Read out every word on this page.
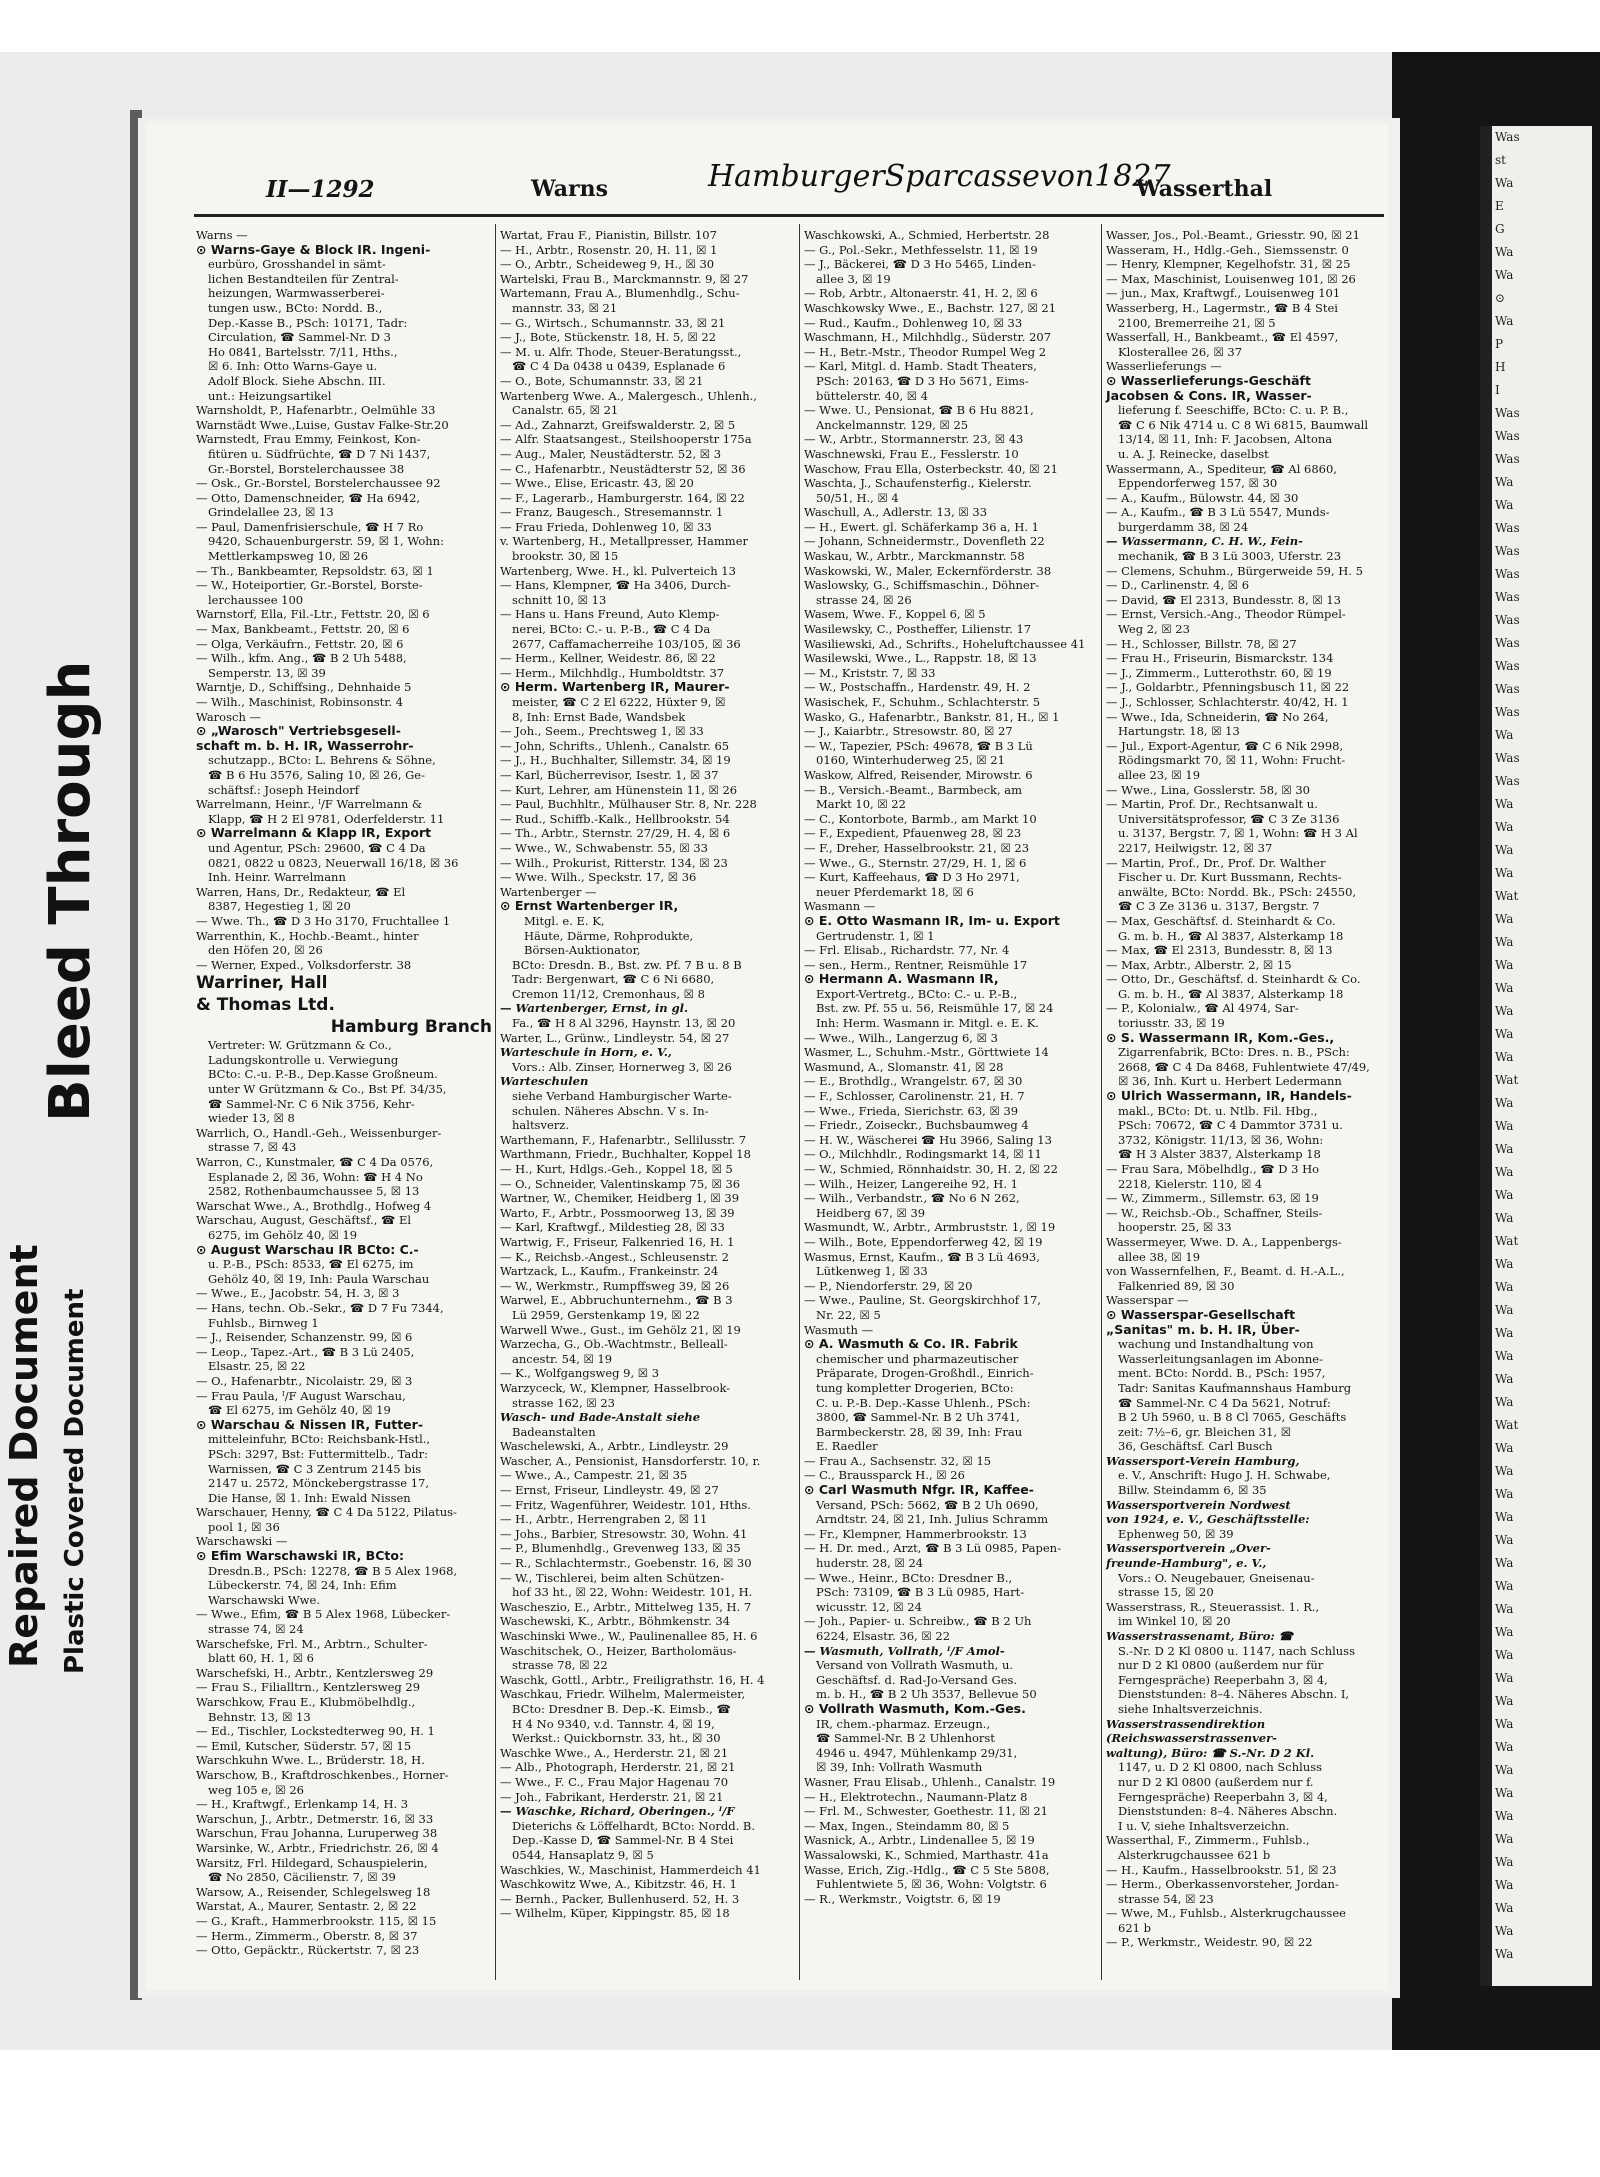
II—1292	Warns	HamburgerSparcassevon1827
Wasserthal
Warns —
⊙ Warns-Gaye & Block IR. Ingeni-
eurbüro, Grosshandel in sämt-
lichen Bestandteilen für Zentral-
heizungen, Warmwasserberei-
tungen usw., BCto: Nordd. B.,
Dep.-Kasse B., PSch: 10171, Tadr:
Circulation, ☎ Sammel-Nr. D 3
Ho 0841, Bartelsstr. 7/11, Hths.,
☒ 6. Inh: Otto Warns-Gaye u.
Adolf Block. Siehe Abschn. III.
unt.: Heizungsartikel
Warnsholdt, P., Hafenarbtr., Oelmühle 33
Warnstädt Wwe.,Luise, Gustav Falke-Str.20
Warnstedt, Frau Emmy, Feinkost, Kon-
fitüren u. Südfrüchte, ☎ D 7 Ni 1437,
Gr.-Borstel, Borstelerchaussee 38
— Osk., Gr.-Borstel, Borstelerchaussee 92
— Otto, Damenschneider, ☎ Ha 6942,
Grindelallee 23, ☒ 13
— Paul, Damenfrisierschule, ☎ H 7 Ro
9420, Schauenburgerstr. 59, ☒ 1, Wohn:
Mettlerkampsweg 10, ☒ 26
— Th., Bankbeamter, Repsoldstr. 63, ☒ 1
— W., Hoteiportier, Gr.-Borstel, Borste-
lerchaussee 100
Warnstorf, Ella, Fil.-Ltr., Fettstr. 20, ☒ 6
— Max, Bankbeamt., Fettstr. 20, ☒ 6
— Olga, Verkäufrn., Fettstr. 20, ☒ 6
— Wilh., kfm. Ang., ☎ B 2 Uh 5488,
Semperstr. 13, ☒ 39
Warntje, D., Schiffsing., Dehnhaide 5
— Wilh., Maschinist, Robinsonstr. 4
Warosch —
⊙ „Warosch" Vertriebsgesell-
schaft m. b. H. IR, Wasserrohr-
schutzapp., BCto: L. Behrens & Söhne,
☎ B 6 Hu 3576, Saling 10, ☒ 26, Ge-
schäftsf.: Joseph Heindorf
Warrelmann, Heinr., ᴵ/F Warrelmann &
Klapp, ☎ H 2 El 9781, Oderfelderstr. 11
⊙ Warrelmann & Klapp IR, Export
und Agentur, PSch: 29600, ☎ C 4 Da
0821, 0822 u 0823, Neuerwall 16/18, ☒ 36
Inh. Heinr. Warrelmann
Warren, Hans, Dr., Redakteur, ☎ El
8387, Hegestieg 1, ☒ 20
— Wwe. Th., ☎ D 3 Ho 3170, Fruchtallee 1
Warrenthin, K., Hochb.-Beamt., hinter
den Höfen 20, ☒ 26
— Werner, Exped., Volksdorferstr. 38
Warriner, Hall
& Thomas Ltd.
Hamburg Branch
Vertreter: W. Grützmann & Co.,
Ladungskontrolle u. Verwiegung
BCto: C.-u. P.-B., Dep.Kasse Großneum.
unter W Grützmann & Co., Bst Pf. 34/35,
☎ Sammel-Nr. C 6 Nik 3756, Kehr-
wieder 13, ☒ 8
Warrlich, O., Handl.-Geh., Weissenburger-
strasse 7, ☒ 43
Warron, C., Kunstmaler, ☎ C 4 Da 0576,
Esplanade 2, ☒ 36, Wohn: ☎ H 4 No
2582, Rothenbaumchaussee 5, ☒ 13
Warschat Wwe., A., Brothdlg., Hofweg 4
Warschau, August, Geschäftsf., ☎ El
6275, im Gehölz 40, ☒ 19
⊙ August Warschau IR BCto: C.-
u. P.-B., PSch: 8533, ☎ El 6275, im
Gehölz 40, ☒ 19, Inh: Paula Warschau
— Wwe., E., Jacobstr. 54, H. 3, ☒ 3
— Hans, techn. Ob.-Sekr., ☎ D 7 Fu 7344,
Fuhlsb., Birnweg 1
— J., Reisender, Schanzenstr. 99, ☒ 6
— Leop., Tapez.-Art., ☎ B 3 Lü 2405,
Elsastr. 25, ☒ 22
— O., Hafenarbtr., Nicolaistr. 29, ☒ 3
— Frau Paula, ᴵ/F August Warschau,
☎ El 6275, im Gehölz 40, ☒ 19
⊙ Warschau & Nissen IR, Futter-
mitteleinfuhr, BCto: Reichsbank-Hstl.,
PSch: 3297, Bst: Futtermittelb., Tadr:
Warnissen, ☎ C 3 Zentrum 2145 bis
2147 u. 2572, Mönckebergstrasse 17,
Die Hanse, ☒ 1. Inh: Ewald Nissen
Warschauer, Henny, ☎ C 4 Da 5122, Pilatus-
pool 1, ☒ 36
Warschawski —
⊙ Efim Warschawski IR, BCto:
Dresdn.B., PSch: 12278, ☎ B 5 Alex 1968,
Lübeckerstr. 74, ☒ 24, Inh: Efim
Warschawski Wwe.
— Wwe., Efim, ☎ B 5 Alex 1968, Lübecker-
strasse 74, ☒ 24
Warschefske, Frl. M., Arbtrn., Schulter-
blatt 60, H. 1, ☒ 6
Warschefski, H., Arbtr., Kentzlersweg 29
— Frau S., Filialltrn., Kentzlersweg 29
Warschkow, Frau E., Klubmöbelhdlg.,
Behnstr. 13, ☒ 13
— Ed., Tischler, Lockstedterweg 90, H. 1
— Emil, Kutscher, Süderstr. 57, ☒ 15
Warschkuhn Wwe. L., Brüderstr. 18, H.
Warschow, B., Kraftdroschkenbes., Horner-
weg 105 e, ☒ 26
— H., Kraftwgf., Erlenkamp 14, H. 3
Warschun, J., Arbtr., Detmerstr. 16, ☒ 33
Warschun, Frau Johanna, Luruperweg 38
Warsinke, W., Arbtr., Friedrichstr. 26, ☒ 4
Warsitz, Frl. Hildegard, Schauspielerin,
☎ No 2850, Cäcilienstr. 7, ☒ 39
Warsow, A., Reisender, Schlegelsweg 18
Warstat, A., Maurer, Sentastr. 2, ☒ 22
— G., Kraft., Hammerbrookstr. 115, ☒ 15
— Herm., Zimmerm., Oberstr. 8, ☒ 37
— Otto, Gepäcktr., Rückertstr. 7, ☒ 23
Wartat, Frau F., Pianistin, Billstr. 107
— H., Arbtr., Rosenstr. 20, H. 11, ☒ 1
— O., Arbtr., Scheideweg 9, H., ☒ 30
Wartelski, Frau B., Marckmannstr. 9, ☒ 27
Wartemann, Frau A., Blumenhdlg., Schu-
mannstr. 33, ☒ 21
— G., Wirtsch., Schumannstr. 33, ☒ 21
— J., Bote, Stückenstr. 18, H. 5, ☒ 22
— M. u. Alfr. Thode, Steuer-Beratungsst.,
☎ C 4 Da 0438 u 0439, Esplanade 6
— O., Bote, Schumannstr. 33, ☒ 21
Wartenberg Wwe. A., Malergesch., Uhlenh.,
Canalstr. 65, ☒ 21
— Ad., Zahnarzt, Greifswalderstr. 2, ☒ 5
— Alfr. Staatsangest., Steilshooperstr 175a
— Aug., Maler, Neustädterstr. 52, ☒ 3
— C., Hafenarbtr., Neustädterstr 52, ☒ 36
— Wwe., Elise, Ericastr. 43, ☒ 20
— F., Lagerarb., Hamburgerstr. 164, ☒ 22
— Franz, Baugesch., Stresemannstr. 1
— Frau Frieda, Dohlenweg 10, ☒ 33
v. Wartenberg, H., Metallpresser, Hammer
brookstr. 30, ☒ 15
Wartenberg, Wwe. H., kl. Pulverteich 13
— Hans, Klempner, ☎ Ha 3406, Durch-
schnitt 10, ☒ 13
— Hans u. Hans Freund, Auto Klemp-
nerei, BCto: C.- u. P.-B., ☎ C 4 Da
2677, Caffamacherreihe 103/105, ☒ 36
— Herm., Kellner, Weidestr. 86, ☒ 22
— Herm., Milchhdlg., Humboldtstr. 37
⊙ Herm. Wartenberg IR, Maurer-
meister, ☎ C 2 El 6222, Hüxter 9, ☒
8, Inh: Ernst Bade, Wandsbek
— Joh., Seem., Prechtsweg 1, ☒ 33
— John, Schrifts., Uhlenh., Canalstr. 65
— J., H., Buchhalter, Sillemstr. 34, ☒ 19
— Karl, Bücherrevisor, Isestr. 1, ☒ 37
— Kurt, Lehrer, am Hünenstein 11, ☒ 26
— Paul, Buchhltr., Mülhauser Str. 8, Nr. 228
— Rud., Schiffb.-Kalk., Hellbrookstr. 54
— Th., Arbtr., Sternstr. 27/29, H. 4, ☒ 6
— Wwe., W., Schwabenstr. 55, ☒ 33
— Wilh., Prokurist, Ritterstr. 134, ☒ 23
— Wwe. Wilh., Speckstr. 17, ☒ 36
Wartenberger —
⊙ Ernst Wartenberger IR,
Mitgl. e. E. K,
Häute, Därme, Rohprodukte,
Börsen-Auktionator,
BCto: Dresdn. B., Bst. zw. Pf. 7 B u. 8 B
Tadr: Bergenwart, ☎ C 6 Ni 6680,
Cremon 11/12, Cremonhaus, ☒ 8
— Wartenberger, Ernst, in gl.
Fa., ☎ H 8 Al 3296, Haynstr. 13, ☒ 20
Warter, L., Grünw., Lindleystr. 54, ☒ 27
Warteschule in Horn, e. V.,
Vors.: Alb. Zinser, Hornerweg 3, ☒ 26
Warteschulen
siehe Verband Hamburgischer Warte-
schulen. Näheres Abschn. V s. In-
haltsverz.
Warthemann, F., Hafenarbtr., Sellilusstr. 7
Warthmann, Friedr., Buchhalter, Koppel 18
— H., Kurt, Hdlgs.-Geh., Koppel 18, ☒ 5
— O., Schneider, Valentinskamp 75, ☒ 36
Wartner, W., Chemiker, Heidberg 1, ☒ 39
Warto, F., Arbtr., Possmoorweg 13, ☒ 39
— Karl, Kraftwgf., Mildestieg 28, ☒ 33
Wartwig, F., Friseur, Falkenried 16, H. 1
— K., Reichsb.-Angest., Schleusenstr. 2
Wartzack, L., Kaufm., Frankeinstr. 24
— W., Werkmstr., Rumpffsweg 39, ☒ 26
Warwel, E., Abbruchunternehm., ☎ B 3
Lü 2959, Gerstenkamp 19, ☒ 22
Warwell Wwe., Gust., im Gehölz 21, ☒ 19
Warzecha, G., Ob.-Wachtmstr., Belleall-
ancestr. 54, ☒ 19
— K., Wolfgangsweg 9, ☒ 3
Warzyceck, W., Klempner, Hasselbrook-
strasse 162, ☒ 23
Wasch- und Bade-Anstalt siehe
Badeanstalten
Waschelewski, A., Arbtr., Lindleystr. 29
Wascher, A., Pensionist, Hansdorferstr. 10, r.
— Wwe., A., Campestr. 21, ☒ 35
— Ernst, Friseur, Lindleystr. 49, ☒ 27
— Fritz, Wagenführer, Weidestr. 101, Hths.
— H., Arbtr., Herrengraben 2, ☒ 11
— Johs., Barbier, Stresowstr. 30, Wohn. 41
— P., Blumenhdlg., Grevenweg 133, ☒ 35
— R., Schlachtermstr., Goebenstr. 16, ☒ 30
— W., Tischlerei, beim alten Schützen-
hof 33 ht., ☒ 22, Wohn: Weidestr. 101, H.
Wascheszio, E., Arbtr., Mittelweg 135, H. 7
Waschewski, K., Arbtr., Böhmkenstr. 34
Waschinski Wwe., W., Paulinenallee 85, H. 6
Waschitschek, O., Heizer, Bartholomäus-
strasse 78, ☒ 22
Waschk, Gottl., Arbtr., Freiligrathstr. 16, H. 4
Waschkau, Friedr. Wilhelm, Malermeister,
BCto: Dresdner B. Dep.-K. Eimsb., ☎
H 4 No 9340, v.d. Tannstr. 4, ☒ 19,
Werkst.: Quickbornstr. 33, ht., ☒ 30
Waschke Wwe., A., Herderstr. 21, ☒ 21
— Alb., Photograph, Herderstr. 21, ☒ 21
— Wwe., F. C., Frau Major Hagenau 70
— Joh., Fabrikant, Herderstr. 21, ☒ 21
— Waschke, Richard, Oberingen., ᴵ/F
Dieterichs & Löffelhardt, BCto: Nordd. B.
Dep.-Kasse D, ☎ Sammel-Nr. B 4 Stei
0544, Hansaplatz 9, ☒ 5
Waschkies, W., Maschinist, Hammerdeich 41
Waschkowitz Wwe, A., Kibitzstr. 46, H. 1
— Bernh., Packer, Bullenhuserd. 52, H. 3
— Wilhelm, Küper, Kippingstr. 85, ☒ 18
Waschkowski, A., Schmied, Herbertstr. 28
— G., Pol.-Sekr., Methfesselstr. 11, ☒ 19
— J., Bäckerei, ☎ D 3 Ho 5465, Linden-
allee 3, ☒ 19
— Rob, Arbtr., Altonaerstr. 41, H. 2, ☒ 6
Waschkowsky Wwe., E., Bachstr. 127, ☒ 21
— Rud., Kaufm., Dohlenweg 10, ☒ 33
Waschmann, H., Milchhdlg., Süderstr. 207
— H., Betr.-Mstr., Theodor Rumpel Weg 2
— Karl, Mitgl. d. Hamb. Stadt Theaters,
PSch: 20163, ☎ D 3 Ho 5671, Eims-
büttelerstr. 40, ☒ 4
— Wwe. U., Pensionat, ☎ B 6 Hu 8821,
Anckelmannstr. 129, ☒ 25
— W., Arbtr., Stormannerstr. 23, ☒ 43
Waschnewski, Frau E., Fesslerstr. 10
Waschow, Frau Ella, Osterbeckstr. 40, ☒ 21
Waschta, J., Schaufensterfig., Kielerstr.
50/51, H., ☒ 4
Waschull, A., Adlerstr. 13, ☒ 33
— H., Ewert. gl. Schäferkamp 36 a, H. 1
— Johann, Schneidermstr., Dovenfleth 22
Waskau, W., Arbtr., Marckmannstr. 58
Waskowski, W., Maler, Eckernförderstr. 38
Waslowsky, G., Schiffsmaschin., Döhner-
strasse 24, ☒ 26
Wasem, Wwe. F., Koppel 6, ☒ 5
Wasilewsky, C., Postheffer, Lilienstr. 17
Wasiliewski, Ad., Schrifts., Hoheluftchaussee 41
Wasilewski, Wwe., L., Rappstr. 18, ☒ 13
— M., Kriststr. 7, ☒ 33
— W., Postschaffn., Hardenstr. 49, H. 2
Wasischek, F., Schuhm., Schlachterstr. 5
Wasko, G., Hafenarbtr., Bankstr. 81, H., ☒ 1
— J., Kaiarbtr., Stresowstr. 80, ☒ 27
— W., Tapezier, PSch: 49678, ☎ B 3 Lü
0160, Winterhuderweg 25, ☒ 21
Waskow, Alfred, Reisender, Mirowstr. 6
— B., Versich.-Beamt., Barmbeck, am
Markt 10, ☒ 22
— C., Kontorbote, Barmb., am Markt 10
— F., Expedient, Pfauenweg 28, ☒ 23
— F., Dreher, Hasselbrookstr. 21, ☒ 23
— Wwe., G., Sternstr. 27/29, H. 1, ☒ 6
— Kurt, Kaffeehaus, ☎ D 3 Ho 2971,
neuer Pferdemarkt 18, ☒ 6
Wasmann —
⊙ E. Otto Wasmann IR, Im- u. Export
Gertrudenstr. 1, ☒ 1
— Frl. Elisab., Richardstr. 77, Nr. 4
— sen., Herm., Rentner, Reismühle 17
⊙ Hermann A. Wasmann IR,
Export-Vertretg., BCto: C.- u. P.-B.,
Bst. zw. Pf. 55 u. 56, Reismühle 17, ☒ 24
Inh: Herm. Wasmann ir. Mitgl. e. E. K.
— Wwe., Wilh., Langerzug 6, ☒ 3
Wasmer, L., Schuhm.-Mstr., Görttwiete 14
Wasmund, A., Slomanstr. 41, ☒ 28
— E., Brothdlg., Wrangelstr. 67, ☒ 30
— F., Schlosser, Carolinenstr. 21, H. 7
— Wwe., Frieda, Sierichstr. 63, ☒ 39
— Friedr., Zoiseckr., Buchsbaumweg 4
— H. W., Wäscherei ☎ Hu 3966, Saling 13
— O., Milchhdlr., Rodingsmarkt 14, ☒ 11
— W., Schmied, Rönnhaidstr. 30, H. 2, ☒ 22
— Wilh., Heizer, Langereihe 92, H. 1
— Wilh., Verbandstr., ☎ No 6 N 262,
Heidberg 67, ☒ 39
Wasmundt, W., Arbtr., Armbruststr. 1, ☒ 19
— Wilh., Bote, Eppendorferweg 42, ☒ 19
Wasmus, Ernst, Kaufm., ☎ B 3 Lü 4693,
Lütkenweg 1, ☒ 33
— P., Niendorferstr. 29, ☒ 20
— Wwe., Pauline, St. Georgskirchhof 17,
Nr. 22, ☒ 5
Wasmuth —
⊙ A. Wasmuth & Co. IR. Fabrik
chemischer und pharmazeutischer
Präparate, Drogen-Großhdl., Einrich-
tung kompletter Drogerien, BCto:
C. u. P.-B. Dep.-Kasse Uhlenh., PSch:
3800, ☎ Sammel-Nr. B 2 Uh 3741,
Barmbeckerstr. 28, ☒ 39, Inh: Frau
E. Raedler
— Frau A., Sachsenstr. 32, ☒ 15
— C., Braussparck H., ☒ 26
⊙ Carl Wasmuth Nfgr. IR, Kaffee-
Versand, PSch: 5662, ☎ B 2 Uh 0690,
Arndtstr. 24, ☒ 21, Inh. Julius Schramm
— Fr., Klempner, Hammerbrookstr. 13
— H. Dr. med., Arzt, ☎ B 3 Lü 0985, Papen-
huderstr. 28, ☒ 24
— Wwe., Heinr., BCto: Dresdner B.,
PSch: 73109, ☎ B 3 Lü 0985, Hart-
wicusstr. 12, ☒ 24
— Joh., Papier- u. Schreibw., ☎ B 2 Uh
6224, Elsastr. 36, ☒ 22
— Wasmuth, Vollrath, ᴵ/F Amol-
Versand von Vollrath Wasmuth, u.
Geschäftsf. d. Rad-Jo-Versand Ges.
m. b. H., ☎ B 2 Uh 3537, Bellevue 50
⊙ Vollrath Wasmuth, Kom.-Ges.
IR, chem.-pharmaz. Erzeugn.,
☎ Sammel-Nr. B 2 Uhlenhorst
4946 u. 4947, Mühlenkamp 29/31,
☒ 39, Inh: Vollrath Wasmuth
Wasner, Frau Elisab., Uhlenh., Canalstr. 19
— H., Elektrotechn., Naumann-Platz 8
— Frl. M., Schwester, Goethestr. 11, ☒ 21
— Max, Ingen., Steindamm 80, ☒ 5
Wasnick, A., Arbtr., Lindenallee 5, ☒ 19
Wassalowski, K., Schmied, Marthastr. 41a
Wasse, Erich, Zig.-Hdlg., ☎ C 5 Ste 5808,
Fuhlentwiete 5, ☒ 36, Wohn: Volgtstr. 6
— R., Werkmstr., Voigtstr. 6, ☒ 19
Wasser, Jos., Pol.-Beamt., Griesstr. 90, ☒ 21
Wasseram, H., Hdlg.-Geh., Siemssenstr. 0
— Henry, Klempner, Kegelhofstr. 31, ☒ 25
— Max, Maschinist, Louisenweg 101, ☒ 26
— jun., Max, Kraftwgf., Louisenweg 101
Wasserberg, H., Lagermstr., ☎ B 4 Stei
2100, Bremerreihe 21, ☒ 5
Wasserfall, H., Bankbeamt., ☎ El 4597,
Klosterallee 26, ☒ 37
Wasserlieferungs —
⊙ Wasserlieferungs-Geschäft
Jacobsen & Cons. IR, Wasser-
lieferung f. Seeschiffe, BCto: C. u. P. B.,
☎ C 6 Nik 4714 u. C 8 Wi 6815, Baumwall
13/14, ☒ 11, Inh: F. Jacobsen, Altona
u. A. J. Reinecke, daselbst
Wassermann, A., Spediteur, ☎ Al 6860,
Eppendorferweg 157, ☒ 30
— A., Kaufm., Bülowstr. 44, ☒ 30
— A., Kaufm., ☎ B 3 Lü 5547, Munds-
burgerdamm 38, ☒ 24
— Wassermann, C. H. W., Fein-
mechanik, ☎ B 3 Lü 3003, Uferstr. 23
— Clemens, Schuhm., Bürgerweide 59, H. 5
— D., Carlinenstr. 4, ☒ 6
— David, ☎ El 2313, Bundesstr. 8, ☒ 13
— Ernst, Versich.-Ang., Theodor Rümpel-
Weg 2, ☒ 23
— H., Schlosser, Billstr. 78, ☒ 27
— Frau H., Friseurin, Bismarckstr. 134
— J., Zimmerm., Lutterothstr. 60, ☒ 19
— J., Goldarbtr., Pfenningsbusch 11, ☒ 22
— J., Schlosser, Schlachterstr. 40/42, H. 1
— Wwe., Ida, Schneiderin, ☎ No 264,
Hartungstr. 18, ☒ 13
— Jul., Export-Agentur, ☎ C 6 Nik 2998,
Rödingsmarkt 70, ☒ 11, Wohn: Frucht-
allee 23, ☒ 19
— Wwe., Lina, Gosslerstr. 58, ☒ 30
— Martin, Prof. Dr., Rechtsanwalt u.
Universitätsprofessor, ☎ C 3 Ze 3136
u. 3137, Bergstr. 7, ☒ 1, Wohn: ☎ H 3 Al
2217, Heilwigstr. 12, ☒ 37
— Martin, Prof., Dr., Prof. Dr. Walther
Fischer u. Dr. Kurt Bussmann, Rechts-
anwälte, BCto: Nordd. Bk., PSch: 24550,
☎ C 3 Ze 3136 u. 3137, Bergstr. 7
— Max, Geschäftsf. d. Steinhardt & Co.
G. m. b. H., ☎ Al 3837, Alsterkamp 18
— Max, ☎ El 2313, Bundesstr. 8, ☒ 13
— Max, Arbtr., Alberstr. 2, ☒ 15
— Otto, Dr., Geschäftsf. d. Steinhardt & Co.
G. m. b. H., ☎ Al 3837, Alsterkamp 18
— P., Kolonialw., ☎ Al 4974, Sar-
toriusstr. 33, ☒ 19
⊙ S. Wassermann IR, Kom.-Ges.,
Zigarrenfabrik, BCto: Dres. n. B., PSch:
2668, ☎ C 4 Da 8468, Fuhlentwiete 47/49,
☒ 36, Inh. Kurt u. Herbert Ledermann
⊙ Ulrich Wassermann, IR, Handels-
makl., BCto: Dt. u. Ntlb. Fil. Hbg.,
PSch: 70672, ☎ C 4 Dammtor 3731 u.
3732, Königstr. 11/13, ☒ 36, Wohn:
☎ H 3 Alster 3837, Alsterkamp 18
— Frau Sara, Möbelhdlg., ☎ D 3 Ho
2218, Kielerstr. 110, ☒ 4
— W., Zimmerm., Sillemstr. 63, ☒ 19
— W., Reichsb.-Ob., Schaffner, Steils-
hooperstr. 25, ☒ 33
Wassermeyer, Wwe. D. A., Lappenbergs-
allee 38, ☒ 19
von Wassernfelhen, F., Beamt. d. H.-A.L.,
Falkenried 89, ☒ 30
Wasserspar —
⊙ Wasserspar-Gesellschaft
„Sanitas" m. b. H. IR, Über-
wachung und Instandhaltung von
Wasserleitungsanlagen im Abonne-
ment. BCto: Nordd. B., PSch: 1957,
Tadr: Sanitas Kaufmannshaus Hamburg
☎ Sammel-Nr. C 4 Da 5621, Notruf:
B 2 Uh 5960, u. B 8 Cl 7065, Geschäfts
zeit: 7½–6, gr. Bleichen 31, ☒
36, Geschäftsf. Carl Busch
Wassersport-Verein Hamburg,
e. V., Anschrift: Hugo J. H. Schwabe,
Billw. Steindamm 6, ☒ 35
Wassersportverein Nordwest
von 1924, e. V., Geschäftsstelle:
Ephenweg 50, ☒ 39
Wassersportverein „Over-
freunde-Hamburg", e. V.,
Vors.: O. Neugebauer, Gneisenau-
strasse 15, ☒ 20
Wasserstrass, R., Steuerassist. 1. R.,
im Winkel 10, ☒ 20
Wasserstrassenamt, Büro: ☎
S.-Nr. D 2 Kl 0800 u. 1147, nach Schluss
nur D 2 Kl 0800 (außerdem nur für
Ferngespräche) Reeperbahn 3, ☒ 4,
Dienststunden: 8–4. Näheres Abschn. I,
siehe Inhaltsverzeichnis.
Wasserstrassendirektion
(Reichswasserstrassenver-
waltung), Büro: ☎ S.-Nr. D 2 Kl.
1147, u. D 2 Kl 0800, nach Schluss
nur D 2 Kl 0800 (außerdem nur f.
Ferngespräche) Reeperbahn 3, ☒ 4,
Dienststunden: 8–4. Näheres Abschn.
I u. V, siehe Inhaltsverzeichn.
Wasserthal, F., Zimmerm., Fuhlsb.,
Alsterkrugchaussee 621 b
— H., Kaufm., Hasselbrookstr. 51, ☒ 23
— Herm., Oberkassenvorsteher, Jordan-
strasse 54, ☒ 23
— Wwe, M., Fuhlsb., Alsterkrugchaussee
621 b
— P., Werkmstr., Weidestr. 90, ☒ 22
Was
st
Wa
E
G
Wa
Wa
⊙
Wa
P
H
I
Was
Was
Was
Wa
Wa
Was
Was
Was
Was
Was
Was
Was
Was
Was
Wa
Was
Was
Wa
Wa
Wa
Wa
Wat
Wa
Wa
Wa
Wa
Wa
Wa
Wa
Wat
Wa
Wa
Wa
Wa
Wa
Wa
Wat
Wa
Wa
Wa
Wa
Wa
Wa
Wa
Wat
Wa
Wa
Wa
Wa
Wa
Wa
Wa
Wa
Wa
Wa
Wa
Wa
Wa
Wa
Wa
Wa
Wa
Wa
Wa
Wa
Wa
Wa
Wa
Bleed Through
Repaired Document Plastic Covered Document
